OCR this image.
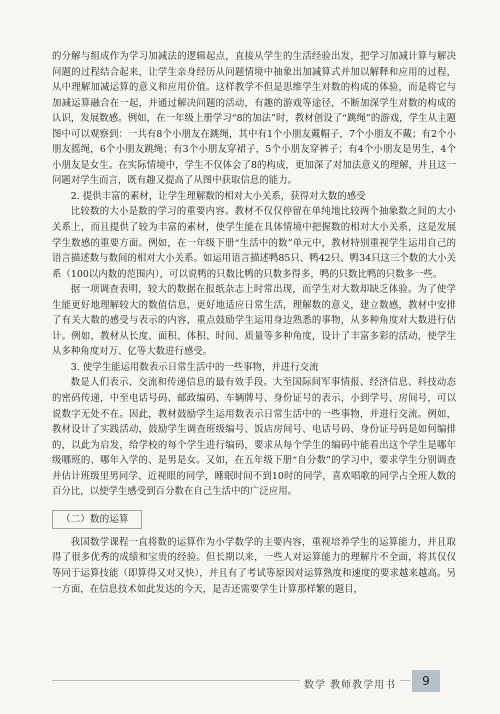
的分解与组成作为学习加减法的逻辑起点，直接从学生的生活经验出发，把学习加减计算与解决问题的过程结合起来，让学生亲身经历从问题情境中抽象出加减算式并加以解释和应用的过程，从中理解加减运算的意义和应用价值。这样教学不但是思维学生对数的构成的体验，而是将它与加减运算融合在一起，并通过解决问题的活动，有趣的游戏等途径，不断加深学生对数的构成的认识，发展数感。例如，在一年级上册学习“8的加法”时，教材创设了“跳绳”的游戏，学生从主题图中可以观察到：一共有8个小朋友在跳绳，其中有1个小朋友戴帽子，7个小朋友不戴；有2个小朋友摇绳，6个小朋友跳绳；有3个小朋友穿裙子，5个小朋友穿裤子；有4个小朋友是男生，4个小朋友是女生。在实际情境中，学生不仅体会了8的构成，更加深了对加法意义的理解，并且这一问题对学生而言，既有趣又提高了从图中获取信息的能力。

2. 提供丰富的素材，让学生理解数的相对大小关系，获得对大数的感受

比较数的大小是数的学习的重要内容。教材不仅仅停留在单纯地比较两个抽象数之间的大小关系上，而且提供了较为丰富的素材，使学生能在具体情境中把握数的相对大小关系，这是发展学生数感的重要方面。例如，在一年级下册“生活中的数”单元中，教材特别重视学生运用自己的语言描述数与数间的相对大小关系。如运用语言描述鸭85只、鸭42只、鸭34只这三个数的大小关系（100以内数的范围内），可以说鸭的只数比鸭的只数多得多，鸭的只数比鸭的只数多一些。

据一项调查表明，较大的数据在报纸杂志上时常出现，而学生对大数却缺乏体验。为了使学生能更好地理解较大的数值信息，更好地适应日常生活，理解数的意义，建立数感，教材中安排了有关大数的感受与表示的内容，重点鼓励学生运用身边熟悉的事物，从多种角度对大数进行估计。例如，教材从长度、面积、体积、时间、质量等多种角度，设计了丰富多彩的活动，使学生从多种角度对万、亿等大数进行感受。

3. 使学生能运用数表示日常生活中的一些事物，并进行交流

数是人们表示、交流和传递信息的最有效手段。大至国际间军事情报、经济信息、科技动态的密码传递，中至电话号码、邮政编码、车辆牌号、身份证号的表示，小到学号、房间号，可以说数字无处不在。因此，教材鼓励学生运用数表示日常生活中的一些事物，并进行交流。例如，教材设计了实践活动，鼓励学生调查班级编号、饭店房间号、电话号码、身份证号码是如何编排的，以此为启发，给学校的每个学生进行编码，要求从每个学生的编码中能看出这个学生是哪年级哪班的、哪年入学的、是男是女。又如，在五年级下册“自分数”的学习中，要求学生分别调查并估计班级里男同学、近视眼的同学，睡眠时间不到10时的同学，喜欢唱歌的同学占全班人数的百分比，以使学生感受到百分数在自己生活中的广泛应用。

（二）数的运算

我国数学课程一直将数的运算作为小学数学的主要内容，重视培养学生的运算能力，并且取得了很多优秀的成绩和宝贵的经验。但长期以来，一些人对运算能力的理解片不全面，将其仅仅等同于运算技能（即算得又对又快），并且有了考试等原因对运算熟度和速度的要求越来越高。另一方面，在信息技术如此发达的今天，是否还需要学生计算那样繁的题目，

数学 教师教学用书	9
